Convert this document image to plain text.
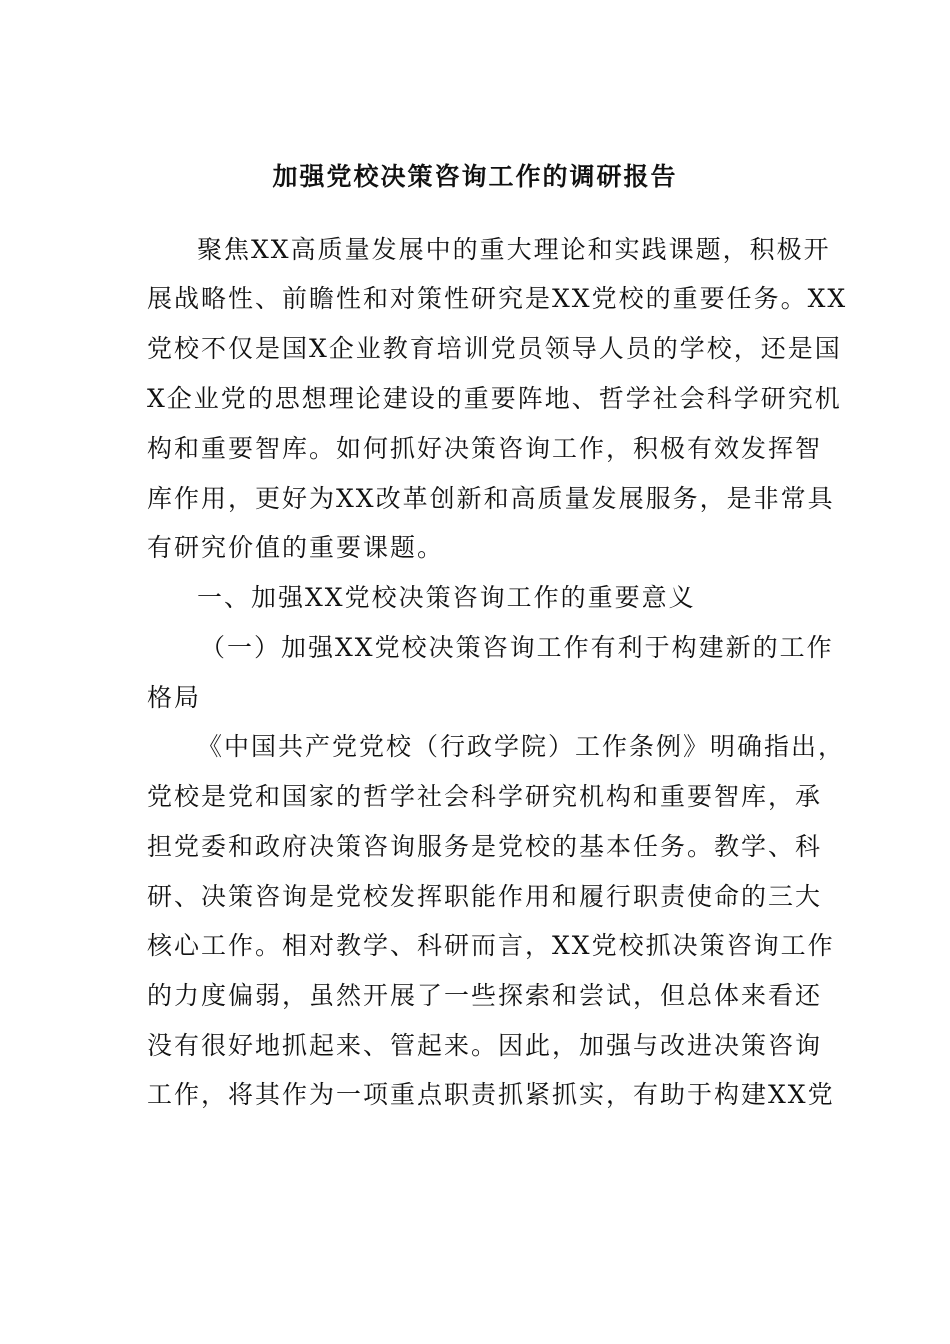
加强党校决策咨询工作的调研报告
聚焦XX高质量发展中的重大理论和实践课题，积极开
展战略性、前瞻性和对策性研究是XX党校的重要任务。XX
党校不仅是国X企业教育培训党员领导人员的学校，还是国
X企业党的思想理论建设的重要阵地、哲学社会科学研究机
构和重要智库。如何抓好决策咨询工作，积极有效发挥智
库作用，更好为XX改革创新和高质量发展服务，是非常具
有研究价值的重要课题。
一、加强XX党校决策咨询工作的重要意义
（一）加强XX党校决策咨询工作有利于构建新的工作
格局
《中国共产党党校（行政学院）工作条例》明确指出，
党校是党和国家的哲学社会科学研究机构和重要智库，承
担党委和政府决策咨询服务是党校的基本任务。教学、科
研、决策咨询是党校发挥职能作用和履行职责使命的三大
核心工作。相对教学、科研而言，XX党校抓决策咨询工作
的力度偏弱，虽然开展了一些探索和尝试，但总体来看还
没有很好地抓起来、管起来。因此，加强与改进决策咨询
工作，将其作为一项重点职责抓紧抓实，有助于构建XX党
